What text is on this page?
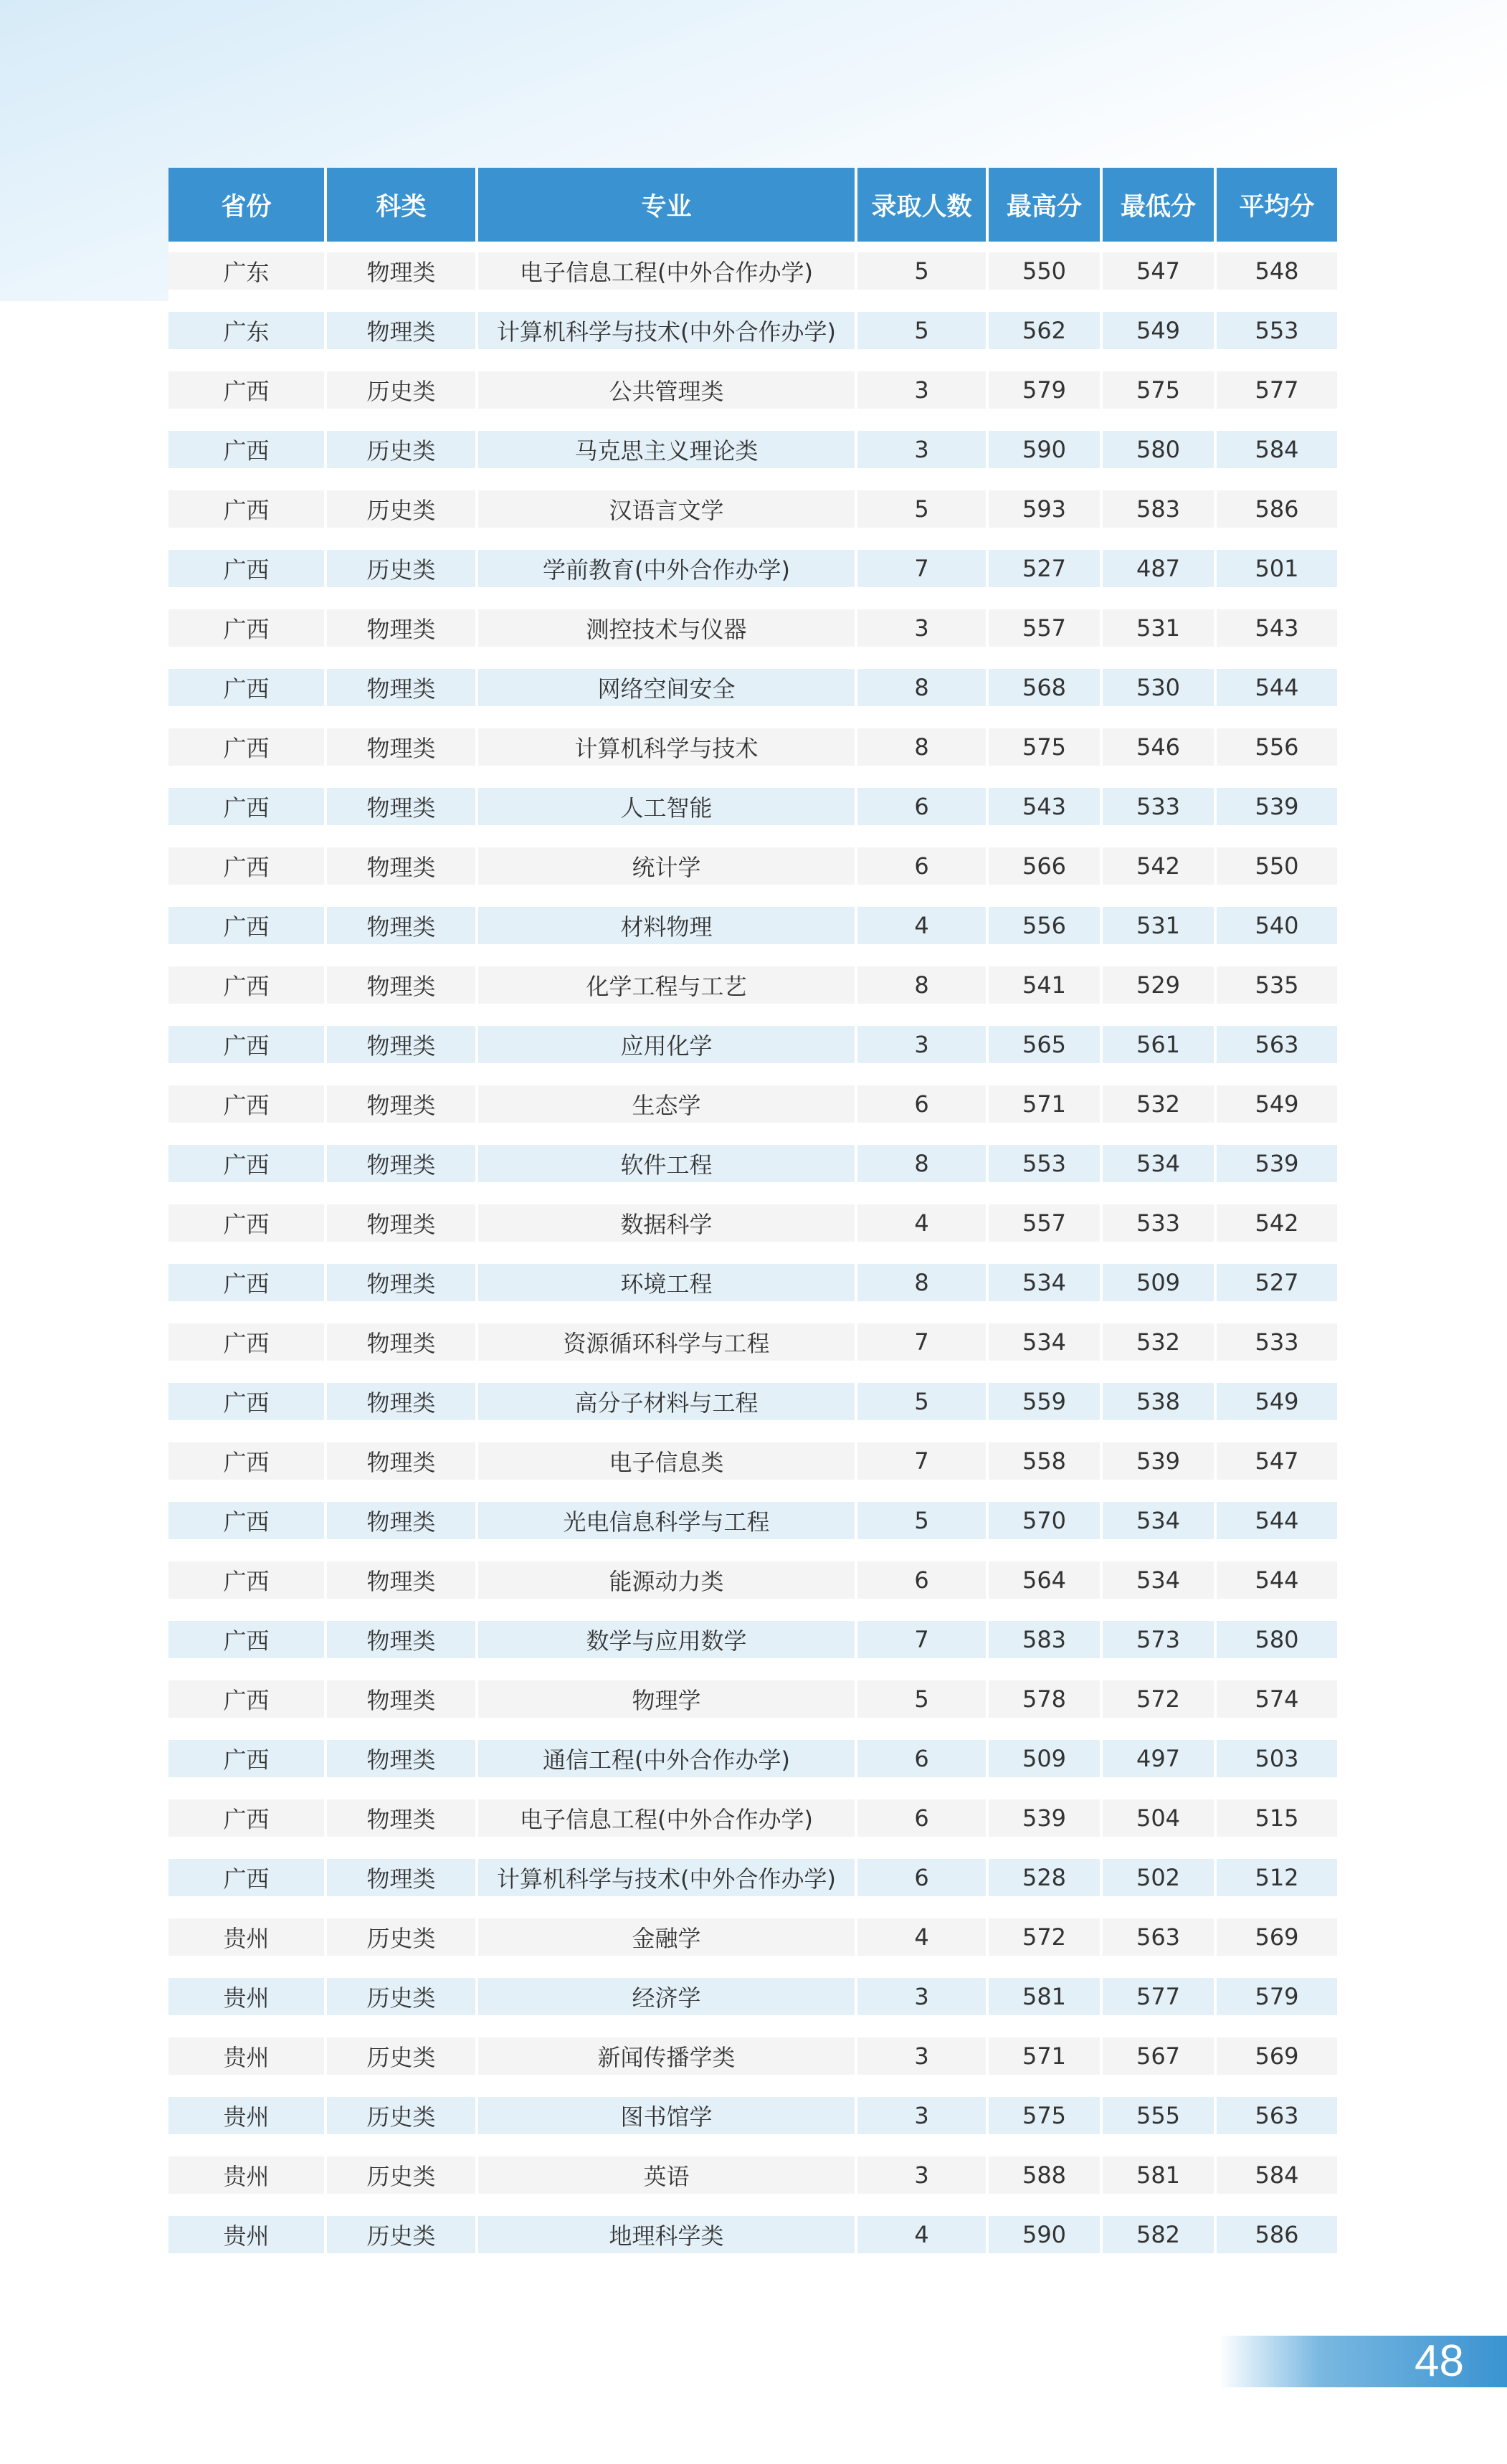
省份	科类	专业	录取人数	最高分	最低分	平均分
广东	物理类	电子信息工程(中外合作办学)	5	550	547	548
广东	物理类	计算机科学与技术(中外合作办学)	5	562	549	553
广西	历史类	公共管理类	3	579	575	577
广西	历史类	马克思主义理论类	3	590	580	584
广西	历史类	汉语言文学	5	593	583	586
广西	历史类	学前教育(中外合作办学)	7	527	487	501
广西	物理类	测控技术与仪器	3	557	531	543
广西	物理类	网络空间安全	8	568	530	544
广西	物理类	计算机科学与技术	8	575	546	556
广西	物理类	人工智能	6	543	533	539
广西	物理类	统计学	6	566	542	550
广西	物理类	材料物理	4	556	531	540
广西	物理类	化学工程与工艺	8	541	529	535
广西	物理类	应用化学	3	565	561	563
广西	物理类	生态学	6	571	532	549
广西	物理类	软件工程	8	553	534	539
广西	物理类	数据科学	4	557	533	542
广西	物理类	环境工程	8	534	509	527
广西	物理类	资源循环科学与工程	7	534	532	533
广西	物理类	高分子材料与工程	5	559	538	549
广西	物理类	电子信息类	7	558	539	547
广西	物理类	光电信息科学与工程	5	570	534	544
广西	物理类	能源动力类	6	564	534	544
广西	物理类	数学与应用数学	7	583	573	580
广西	物理类	物理学	5	578	572	574
广西	物理类	通信工程(中外合作办学)	6	509	497	503
广西	物理类	电子信息工程(中外合作办学)	6	539	504	515
广西	物理类	计算机科学与技术(中外合作办学)	6	528	502	512
贵州	历史类	金融学	4	572	563	569
贵州	历史类	经济学	3	581	577	579
贵州	历史类	新闻传播学类	3	571	567	569
贵州	历史类	图书馆学	3	575	555	563
贵州	历史类	英语	3	588	581	584
贵州	历史类	地理科学类	4	590	582	586
48
